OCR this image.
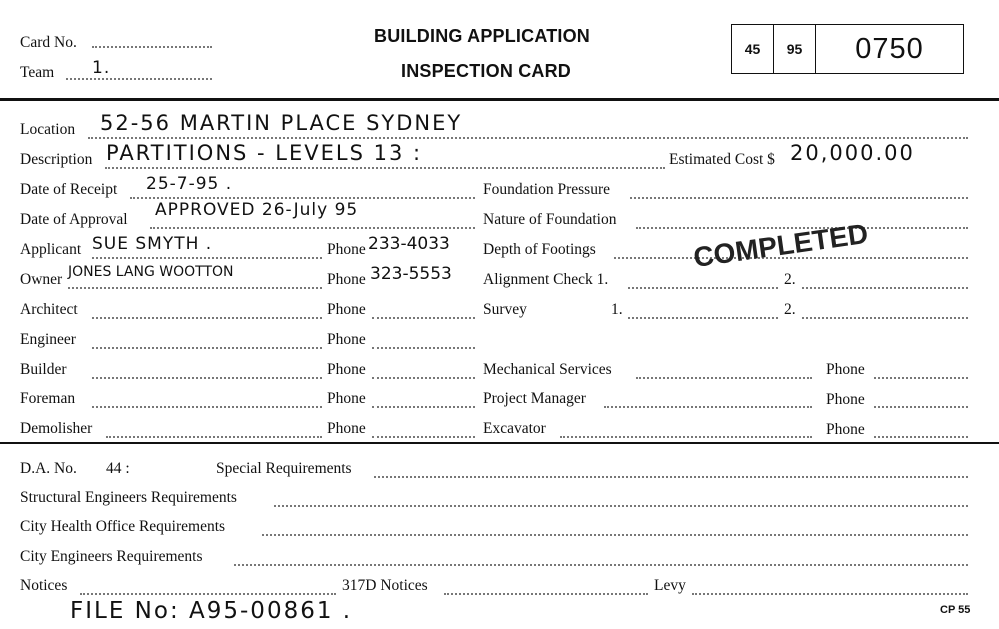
Card No.
Team 1.
BUILDING APPLICATION
INSPECTION CARD
45	95	0750
Location 52-56 MARTIN PLACE SYDNEY
Description PARTITIONS - LEVELS 13 :	Estimated Cost $ 20,000.00
Date of Receipt 25-7-95 .	Foundation Pressure
Date of Approval APPROVED 26-July 95	Nature of Foundation
Applicant SUE SMYTH .	Phone 233-4033 Depth of Footings
Owner JONES LANG WOOTTON	Phone 323-5553 Alignment Check 1.	2.
COMPLETED
Architect	Phone	Survey	1.	2.
Engineer	Phone
Builder	Phone	Mechanical Services	Phone
Foreman	Phone	Project Manager	Phone
Demolisher	Phone	Excavator	Phone
D.A. No. 44 :	Special Requirements
Structural Engineers Requirements
City Health Office Requirements
City Engineers Requirements
Notices	317D Notices	Levy
FILE No: A95-00861 .	CP 55
